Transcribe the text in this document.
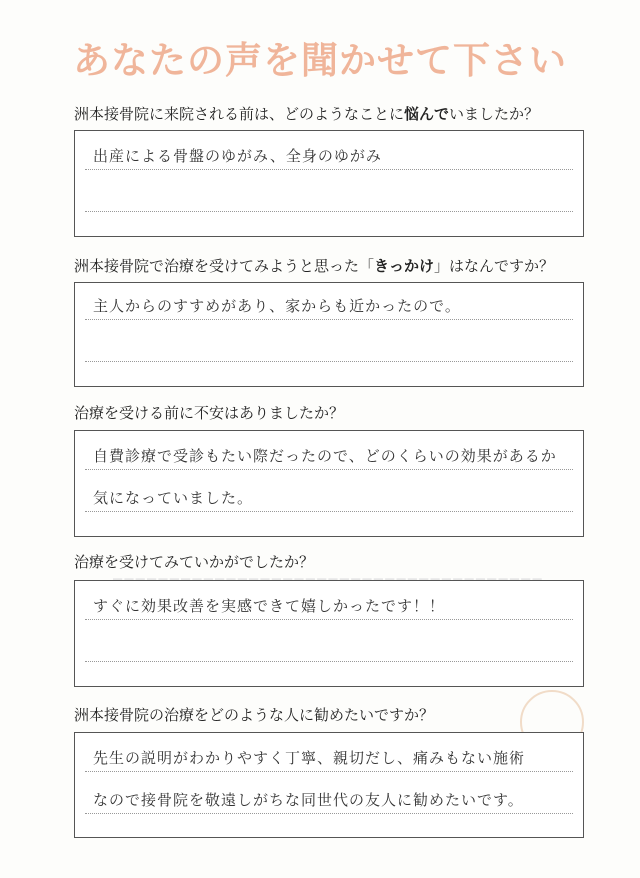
あなたの声を聞かせて下さい
洲本接骨院に来院される前は、どのようなことに悩んでいましたか？
出産による骨盤のゆがみ、全身のゆがみ
洲本接骨院で治療を受けてみようと思った「きっかけ」はなんですか？
主人からのすすめがあり、家からも近かったので。
治療を受ける前に不安はありましたか？
自費診療で受診もたい際だったので、どのくらいの効果があるか
気になっていました。
治療を受けてみていかがでしたか？
すぐに効果改善を実感できて嬉しかったです！！
洲本接骨院の治療をどのような人に勧めたいですか？
先生の説明がわかりやすく丁寧、親切だし、痛みもない施術
なので接骨院を敬遠しがちな同世代の友人に勧めたいです。
